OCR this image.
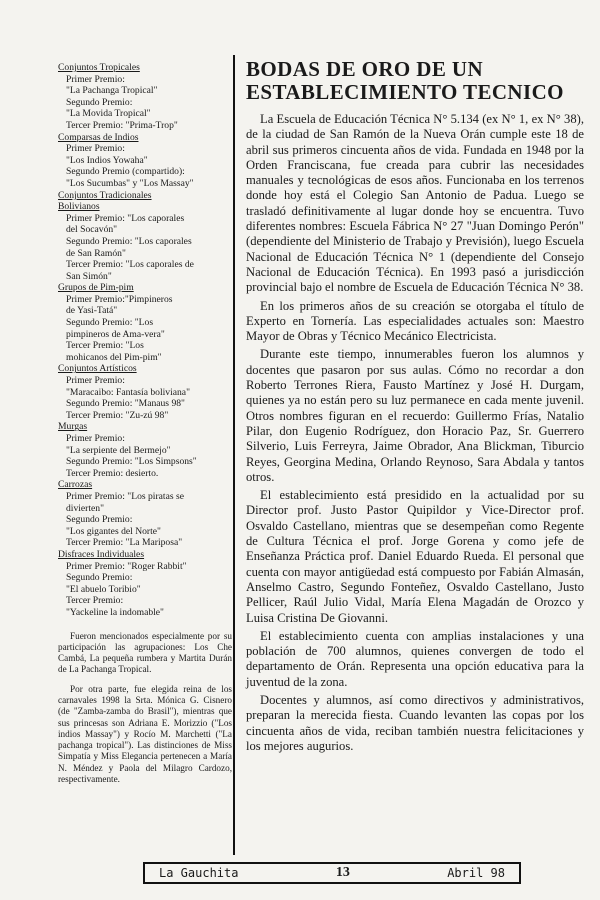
Conjuntos Tropicales
Primer Premio:
"La Pachanga Tropical"
Segundo Premio:
"La Movida Tropical"
Tercer Premio: "Prima-Trop"
Comparsas de Indios
Primer Premio:
"Los Indios Yowaha"
Segundo Premio (compartido):
"Los Sucumbas" y "Los Massay"
Conjuntos Tradicionales
Bolivianos
Primer Premio: "Los caporales
del Socavón"
Segundo Premio: "Los caporales
de San Ramón"
Tercer Premio: "Los caporales de
San Simón"
Grupos de Pim-pim
Primer Premio:"Pimpineros
de Yasi-Tatá"
Segundo Premio: "Los
pimpineros de Ama-vera"
Tercer Premio: "Los
mohicanos del Pim-pim"
Conjuntos Artísticos
Primer Premio:
"Maracaibo: Fantasía boliviana"
Segundo Premio: "Manaus 98"
Tercer Premio: "Zu-zú 98"
Murgas
Primer Premio:
"La serpiente del Bermejo"
Segundo Premio: "Los Simpsons"
Tercer Premio: desierto.
Carrozas
Primer Premio: "Los piratas se
divierten"
Segundo Premio:
"Los gigantes del Norte"
Tercer Premio: "La Mariposa"
Disfraces Individuales
Primer Premio: "Roger Rabbit"
Segundo Premio:
"El abuelo Toribio"
Tercer Premio:
"Yackeline la indomable"
Fueron mencionados especialmente por su participación las agrupaciones: Los Che Cambá, La pequeña rumbera y Martita Durán de La Pachanga Tropical.
Por otra parte, fue elegida reina de los carnavales 1998 la Srta. Mónica G. Cisnero (de "Zamba-zamba do Brasil"), mientras que sus princesas son Adriana E. Morizzio ("Los indios Massay") y Rocío M. Marchetti ("La pachanga tropical"). Las distinciones de Miss Simpatía y Miss Elegancia pertenecen a María N. Méndez y Paola del Milagro Cardozo, respectivamente.
BODAS DE ORO DE UN
ESTABLECIMIENTO TECNICO

La Escuela de Educación Técnica N° 5.134 (ex N° 1, ex N° 38), de la ciudad de San Ramón de la Nueva Orán cumple este 18 de abril sus primeros cincuenta años de vida. Fundada en 1948 por la Orden Franciscana, fue creada para cubrir las necesidades manuales y tecnológicas de esos años. Funcionaba en los terrenos donde hoy está el Colegio San Antonio de Padua. Luego se trasladó definitivamente al lugar donde hoy se encuentra. Tuvo diferentes nombres: Escuela Fábrica N° 27 "Juan Domingo Perón" (dependiente del Ministerio de Trabajo y Previsión), luego Escuela Nacional de Educación Técnica N° 1 (dependiente del Consejo Nacional de Educación Técnica). En 1993 pasó a jurisdicción provincial bajo el nombre de Escuela de Educación Técnica N° 38.

En los primeros años de su creación se otorgaba el título de Experto en Tornería. Las especialidades actuales son: Maestro Mayor de Obras y Técnico Mecánico Electricista.

Durante este tiempo, innumerables fueron los alumnos y docentes que pasaron por sus aulas. Cómo no recordar a don Roberto Terrones Riera, Fausto Martínez y José H. Durgam, quienes ya no están pero su luz permanece en cada mente juvenil. Otros nombres figuran en el recuerdo: Guillermo Frías, Natalio Pilar, don Eugenio Rodríguez, don Horacio Paz, Sr. Guerrero Silverio, Luis Ferreyra, Jaime Obrador, Ana Blickman, Tiburcio Reyes, Georgina Medina, Orlando Reynoso, Sara Abdala y tantos otros.

El establecimiento está presidido en la actualidad por su Director prof. Justo Pastor Quipildor y Vice-Director prof. Osvaldo Castellano, mientras que se desempeñan como Regente de Cultura Técnica el prof. Jorge Gorena y como jefe de Enseñanza Práctica prof. Daniel Eduardo Rueda. El personal que cuenta con mayor antigüedad está compuesto por Fabián Almasán, Anselmo Castro, Segundo Fonteñez, Osvaldo Castellano, Justo Pellicer, Raúl Julio Vidal, María Elena Magadán de Orozco y Luisa Cristina De Giovanni.

El establecimiento cuenta con amplias instalaciones y una población de 700 alumnos, quienes convergen de todo el departamento de Orán. Representa una opción educativa para la juventud de la zona.

Docentes y alumnos, así como directivos y administrativos, preparan la merecida fiesta. Cuando levanten las copas por los cincuenta años de vida, reciban también nuestra felicitaciones y los mejores augurios.

La Gauchita	13	Abril 98
